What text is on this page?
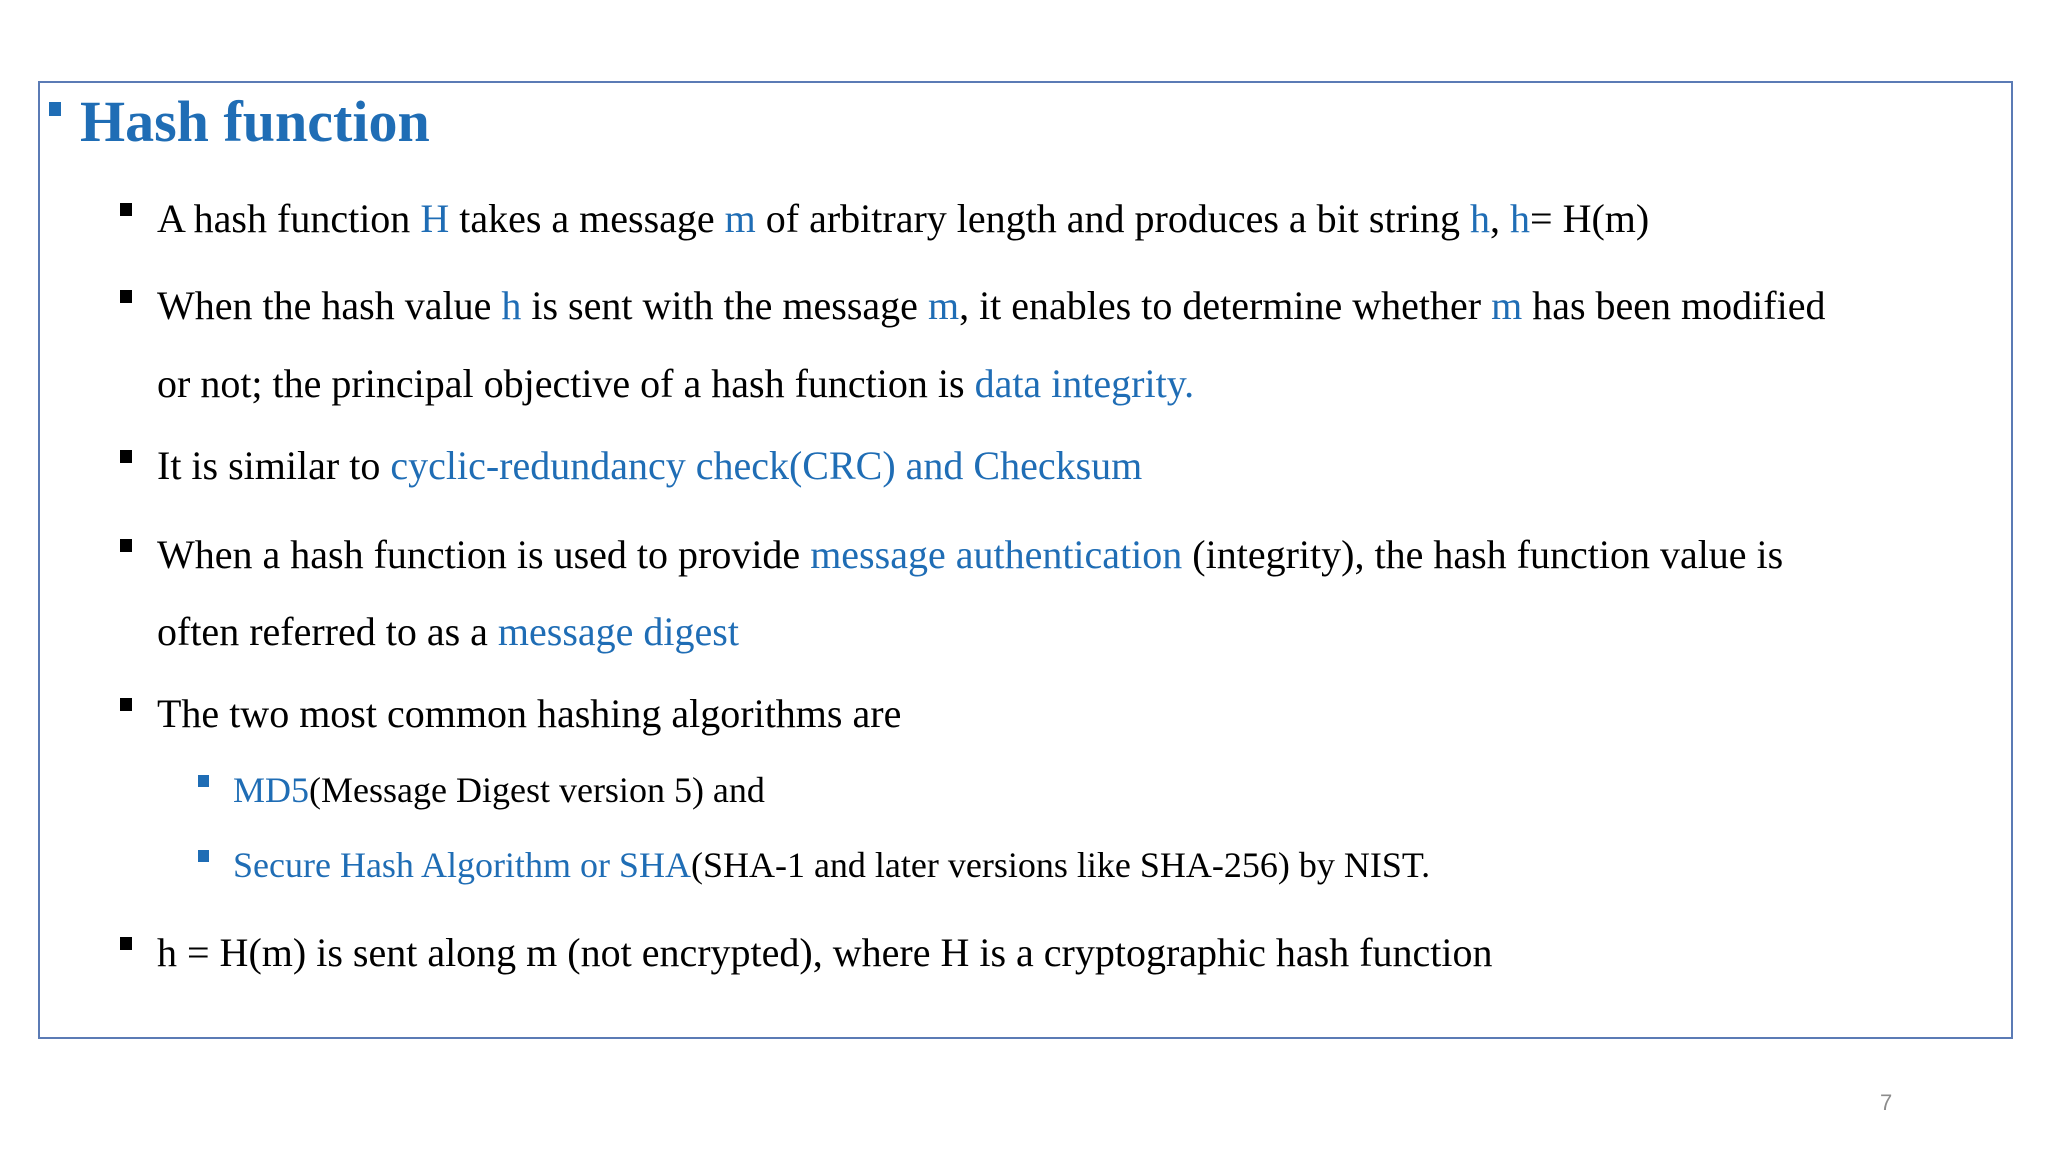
Hash function
A hash function H takes a message m of arbitrary length and produces a bit string h, h= H(m)
When the hash value h is sent with the message m, it enables to determine whether m has been modified
or not; the principal objective of a hash function is data integrity.
It is similar to cyclic-redundancy check(CRC) and Checksum
When a hash function is used to provide message authentication (integrity), the hash function value is
often referred to as a message digest
The two most common hashing algorithms are
MD5(Message Digest version 5) and
Secure Hash Algorithm or SHA(SHA-1 and later versions like SHA-256) by NIST.
h = H(m) is sent along m (not encrypted), where H is a cryptographic hash function
7
